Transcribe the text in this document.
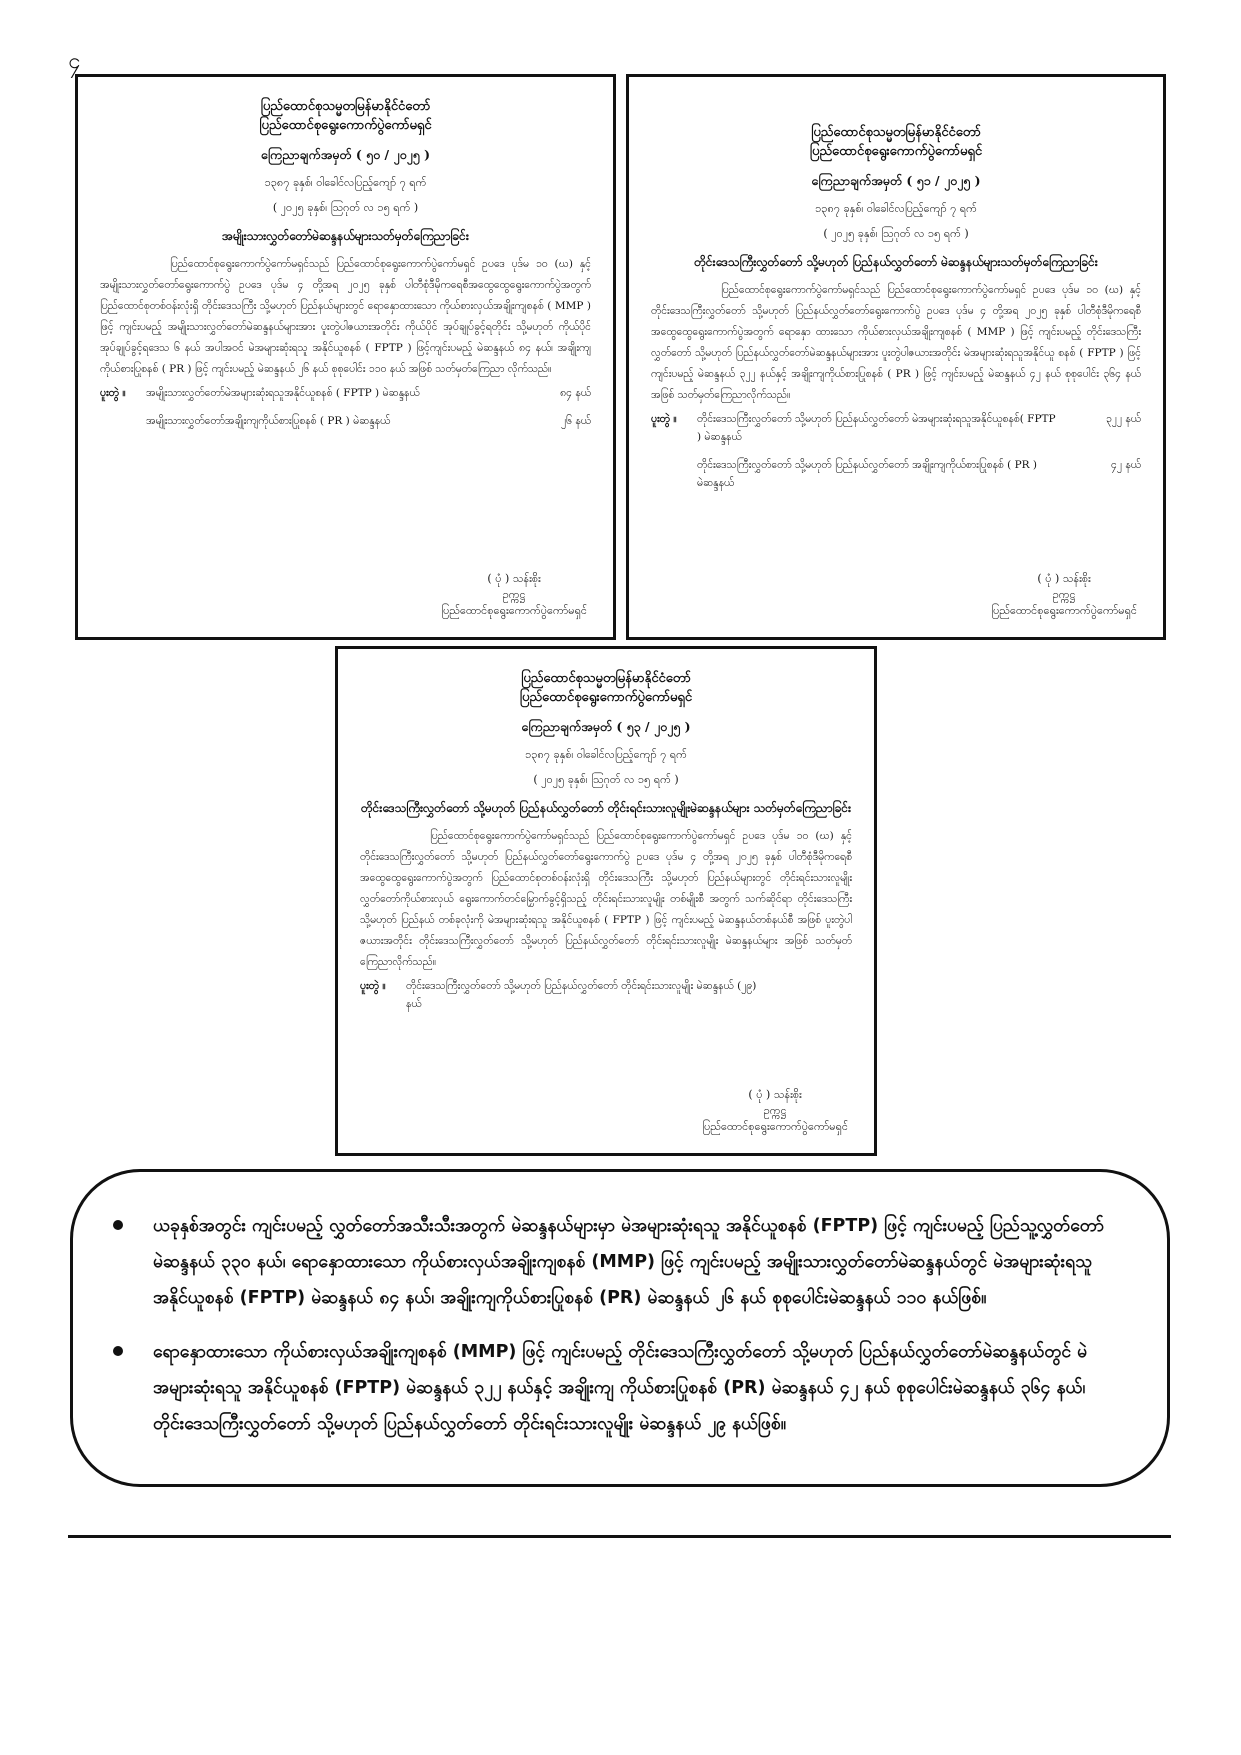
၄
ပြည်ထောင်စုသမ္မတမြန်မာနိုင်ငံတော်
ပြည်ထောင်စုရွေးကောက်ပွဲကော်မရှင်
ကြေညာချက်အမှတ် ( ၅၀ / ၂၀၂၅ )
၁၃၈၇ ခုနှစ်၊ ဝါခေါင်လပြည့်ကျော် ၇ ရက်
( ၂၀၂၅ ခုနှစ်၊ ဩဂုတ် လ ၁၅ ရက် )
အမျိုးသားလွှတ်တော်မဲဆန္ဒနယ်များသတ်မှတ်ကြေညာခြင်း
ပြည်ထောင်စုရွေးကောက်ပွဲကော်မရှင်သည် ပြည်ထောင်စုရွေးကောက်ပွဲကော်မရှင် ဥပဒေ ပုဒ်မ ၁၀ (ဃ) နှင့် အမျိုးသားလွှတ်တော်ရွေးကောက်ပွဲ ဥပဒေ ပုဒ်မ ၄ တို့အရ ၂၀၂၅ ခုနှစ် ပါတီစုံဒီမိုကရေစီအထွေထွေရွေးကောက်ပွဲအတွက် ပြည်ထောင်စုတစ်ဝန်းလုံးရှိ တိုင်းဒေသကြီး သို့မဟုတ် ပြည်နယ်များတွင် ရောနှောထားသော ကိုယ်စားလှယ်အချိုးကျစနစ် ( MMP ) ဖြင့် ကျင်းပမည့် အမျိုးသားလွှတ်တော်မဲဆန္ဒနယ်များအား ပူးတွဲပါဇယားအတိုင်း ကိုယ်ပိုင် အုပ်ချုပ်ခွင့်ရတိုင်း သို့မဟုတ် ကိုယ်ပိုင်အုပ်ချုပ်ခွင့်ရဒေသ ၆ နယ် အပါအဝင် မဲအများဆုံးရသူ အနိုင်ယူစနစ် ( FPTP ) ဖြင့်ကျင်းပမည့် မဲဆန္ဒနယ် ၈၄ နယ်၊ အချိုးကျကိုယ်စားပြုစနစ် ( PR ) ဖြင့် ကျင်းပမည့် မဲဆန္ဒနယ် ၂၆ နယ် စုစုပေါင်း ၁၁၀ နယ် အဖြစ် သတ်မှတ်ကြေညာ လိုက်သည်။
ပူးတွဲ ။	အမျိုးသားလွှတ်တော်မဲအများဆုံးရသူအနိုင်ယူစနစ် ( FPTP ) မဲဆန္ဒနယ်	၈၄ နယ်
အမျိုးသားလွှတ်တော်အချိုးကျကိုယ်စားပြုစနစ် ( PR ) မဲဆန္ဒနယ်	၂၆ နယ်
( ပုံ ) သန်းစိုး
ဥက္ကဋ္ဌ
ပြည်ထောင်စုရွေးကောက်ပွဲကော်မရှင်
ပြည်ထောင်စုသမ္မတမြန်မာနိုင်ငံတော်
ပြည်ထောင်စုရွေးကောက်ပွဲကော်မရှင်
ကြေညာချက်အမှတ် ( ၅၁ / ၂၀၂၅ )
၁၃၈၇ ခုနှစ်၊ ဝါခေါင်လပြည့်ကျော် ၇ ရက်
( ၂၀၂၅ ခုနှစ်၊ ဩဂုတ် လ ၁၅ ရက် )
တိုင်းဒေသကြီးလွှတ်တော် သို့မဟုတ် ပြည်နယ်လွှတ်တော် မဲဆန္ဒနယ်များသတ်မှတ်ကြေညာခြင်း
ပြည်ထောင်စုရွေးကောက်ပွဲကော်မရှင်သည် ပြည်ထောင်စုရွေးကောက်ပွဲကော်မရှင် ဥပဒေ ပုဒ်မ ၁၀ (ဃ) နှင့် တိုင်းဒေသကြီးလွှတ်တော် သို့မဟုတ် ပြည်နယ်လွှတ်တော်ရွေးကောက်ပွဲ ဥပဒေ ပုဒ်မ ၄ တို့အရ ၂၀၂၅ ခုနှစ် ပါတီစုံဒီမိုကရေစီအထွေထွေရွေးကောက်ပွဲအတွက် ရောနှော ထားသော ကိုယ်စားလှယ်အချိုးကျစနစ် ( MMP ) ဖြင့် ကျင်းပမည့် တိုင်းဒေသကြီးလွှတ်တော် သို့မဟုတ် ပြည်နယ်လွှတ်တော်မဲဆန္ဒနယ်များအား ပူးတွဲပါဇယားအတိုင်း မဲအများဆုံးရသူအနိုင်ယူ စနစ် ( FPTP ) ဖြင့် ကျင်းပမည့် မဲဆန္ဒနယ် ၃၂၂ နယ်နှင့် အချိုးကျကိုယ်စားပြုစနစ် ( PR ) ဖြင့် ကျင်းပမည့် မဲဆန္ဒနယ် ၄၂ နယ် စုစုပေါင်း ၃၆၄ နယ်အဖြစ် သတ်မှတ်ကြေညာလိုက်သည်။
ပူးတွဲ ။	တိုင်းဒေသကြီးလွှတ်တော် သို့မဟုတ် ပြည်နယ်လွှတ်တော် မဲအများဆုံးရသူအနိုင်ယူစနစ်( FPTP ) မဲဆန္ဒနယ်
၃၂၂ နယ်
တိုင်းဒေသကြီးလွှတ်တော် သို့မဟုတ် ပြည်နယ်လွှတ်တော် အချိုးကျကိုယ်စားပြုစနစ် ( PR ) မဲဆန္ဒနယ်
၄၂ နယ်
( ပုံ ) သန်းစိုး
ဥက္ကဋ္ဌ
ပြည်ထောင်စုရွေးကောက်ပွဲကော်မရှင်
ပြည်ထောင်စုသမ္မတမြန်မာနိုင်ငံတော်
ပြည်ထောင်စုရွေးကောက်ပွဲကော်မရှင်
ကြေညာချက်အမှတ် ( ၅၃ / ၂၀၂၅ )
၁၃၈၇ ခုနှစ်၊ ဝါခေါင်လပြည့်ကျော် ၇ ရက်
( ၂၀၂၅ ခုနှစ်၊ ဩဂုတ် လ ၁၅ ရက် )
တိုင်းဒေသကြီးလွှတ်တော် သို့မဟုတ် ပြည်နယ်လွှတ်တော် တိုင်းရင်းသားလူမျိုးမဲဆန္ဒနယ်များ သတ်မှတ်ကြေညာခြင်း
ပြည်ထောင်စုရွေးကောက်ပွဲကော်မရှင်သည် ပြည်ထောင်စုရွေးကောက်ပွဲကော်မရှင် ဥပဒေ ပုဒ်မ ၁၀ (ဃ) နှင့် တိုင်းဒေသကြီးလွှတ်တော် သို့မဟုတ် ပြည်နယ်လွှတ်တော်ရွေးကောက်ပွဲ ဥပဒေ ပုဒ်မ ၄ တို့အရ ၂၀၂၅ ခုနှစ် ပါတီစုံဒီမိုကရေစီအထွေထွေရွေးကောက်ပွဲအတွက် ပြည်ထောင်စုတစ်ဝန်းလုံးရှိ တိုင်းဒေသကြီး သို့မဟုတ် ပြည်နယ်များတွင် တိုင်းရင်းသားလူမျိုး လွှတ်တော်ကိုယ်စားလှယ် ရွေးကောက်တင်မြှောက်ခွင့်ရှိသည့် တိုင်းရင်းသားလူမျိုး တစ်မျိုးစီ အတွက် သက်ဆိုင်ရာ တိုင်းဒေသကြီး သို့မဟုတ် ပြည်နယ် တစ်ခုလုံးကို မဲအများဆုံးရသူ အနိုင်ယူစနစ် ( FPTP ) ဖြင့် ကျင်းပမည့် မဲဆန္ဒနယ်တစ်နယ်စီ အဖြစ် ပူးတွဲပါဇယားအတိုင်း တိုင်းဒေသကြီးလွှတ်တော် သို့မဟုတ် ပြည်နယ်လွှတ်တော် တိုင်းရင်းသားလူမျိုး မဲဆန္ဒနယ်များ အဖြစ် သတ်မှတ်ကြေညာလိုက်သည်။
ပူးတွဲ ။	တိုင်းဒေသကြီးလွှတ်တော် သို့မဟုတ် ပြည်နယ်လွှတ်တော် တိုင်းရင်းသားလူမျိုး မဲဆန္ဒနယ် (၂၉) နယ်
( ပုံ ) သန်းစိုး
ဥက္ကဋ္ဌ
ပြည်ထောင်စုရွေးကောက်ပွဲကော်မရှင်
ယခုနှစ်အတွင်း ကျင်းပမည့် လွှတ်တော်အသီးသီးအတွက် မဲဆန္ဒနယ်များမှာ မဲအများဆုံးရသူ အနိုင်ယူစနစ် (FPTP) ဖြင့် ကျင်းပမည့် ပြည်သူ့လွှတ်တော်မဲဆန္ဒနယ် ၃၃၀ နယ်၊ ရောနှောထားသော ကိုယ်စားလှယ်အချိုးကျစနစ် (MMP) ဖြင့် ကျင်းပမည့် အမျိုးသားလွှတ်တော်မဲဆန္ဒနယ်တွင် မဲအများဆုံးရသူအနိုင်ယူစနစ် (FPTP) မဲဆန္ဒနယ် ၈၄ နယ်၊ အချိုးကျကိုယ်စားပြုစနစ် (PR) မဲဆန္ဒနယ် ၂၆ နယ် စုစုပေါင်းမဲဆန္ဒနယ် ၁၁၀ နယ်ဖြစ်။
ရောနှောထားသော ကိုယ်စားလှယ်အချိုးကျစနစ် (MMP) ဖြင့် ကျင်းပမည့် တိုင်းဒေသကြီးလွှတ်တော် သို့မဟုတ် ပြည်နယ်လွှတ်တော်မဲဆန္ဒနယ်တွင် မဲအများဆုံးရသူ အနိုင်ယူစနစ် (FPTP) မဲဆန္ဒနယ် ၃၂၂ နယ်နှင့် အချိုးကျ ကိုယ်စားပြုစနစ် (PR) မဲဆန္ဒနယ် ၄၂ နယ် စုစုပေါင်းမဲဆန္ဒနယ် ၃၆၄ နယ်၊ တိုင်းဒေသကြီးလွှတ်တော် သို့မဟုတ် ပြည်နယ်လွှတ်တော် တိုင်းရင်းသားလူမျိုး မဲဆန္ဒနယ် ၂၉ နယ်ဖြစ်။
